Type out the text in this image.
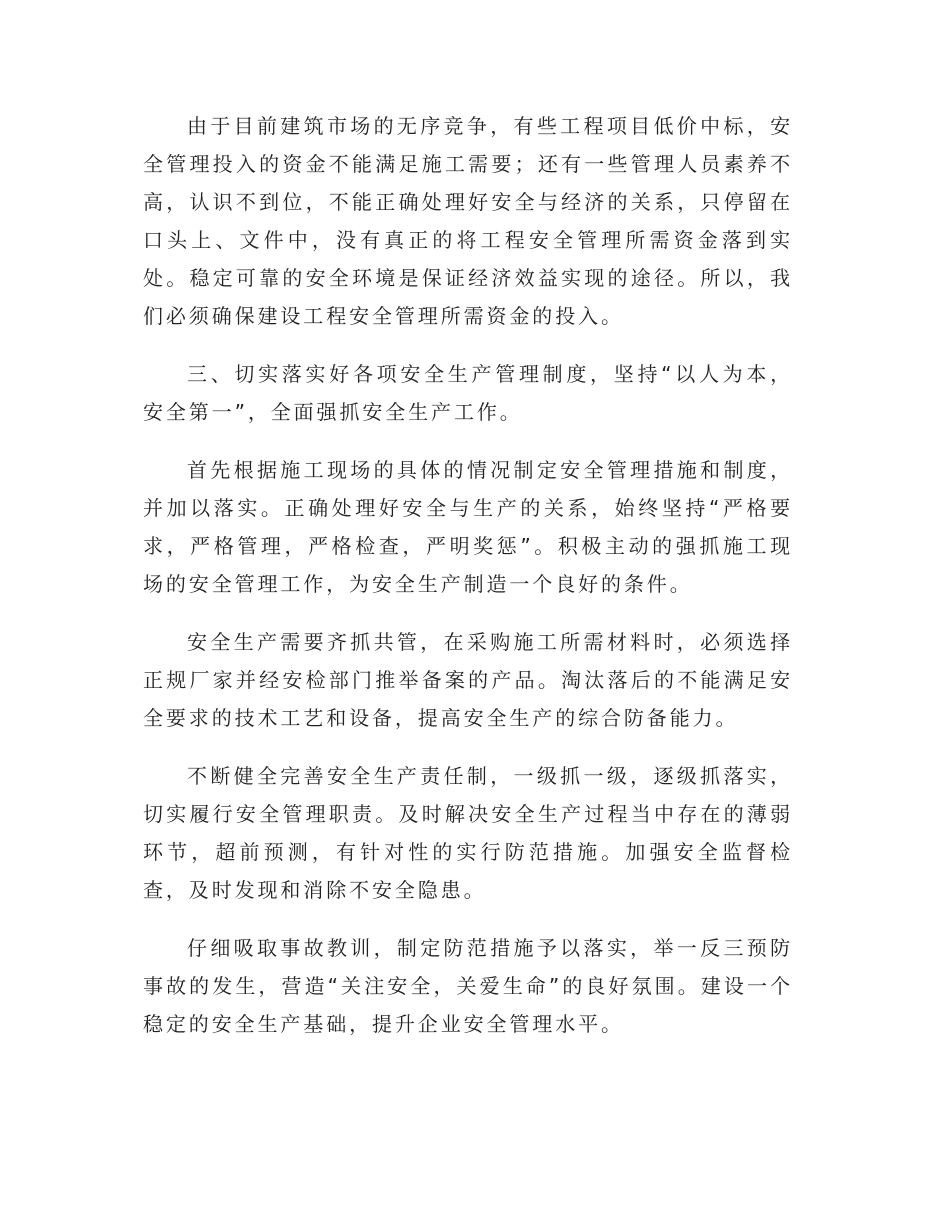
由于目前建筑市场的无序竞争，有些工程项目低价中标，安全管理投入的资金不能满足施工需要；还有一些管理人员素养不高，认识不到位，不能正确处理好安全与经济的关系，只停留在口头上、文件中，没有真正的将工程安全管理所需资金落到实处。稳定可靠的安全环境是保证经济效益实现的途径。所以，我们必须确保建设工程安全管理所需资金的投入。

三、切实落实好各项安全生产管理制度，坚持“以人为本，安全第一”，全面强抓安全生产工作。

首先根据施工现场的具体的情况制定安全管理措施和制度，并加以落实。正确处理好安全与生产的关系，始终坚持“严格要求，严格管理，严格检查，严明奖惩”。积极主动的强抓施工现场的安全管理工作，为安全生产制造一个良好的条件。

安全生产需要齐抓共管，在采购施工所需材料时，必须选择正规厂家并经安检部门推举备案的产品。淘汰落后的不能满足安全要求的技术工艺和设备，提高安全生产的综合防备能力。

不断健全完善安全生产责任制，一级抓一级，逐级抓落实，切实履行安全管理职责。及时解决安全生产过程当中存在的薄弱环节，超前预测，有针对性的实行防范措施。加强安全监督检查，及时发现和消除不安全隐患。

仔细吸取事故教训，制定防范措施予以落实，举一反三预防事故的发生，营造“关注安全，关爱生命”的良好氛围。建设一个稳定的安全生产基础，提升企业安全管理水平。
